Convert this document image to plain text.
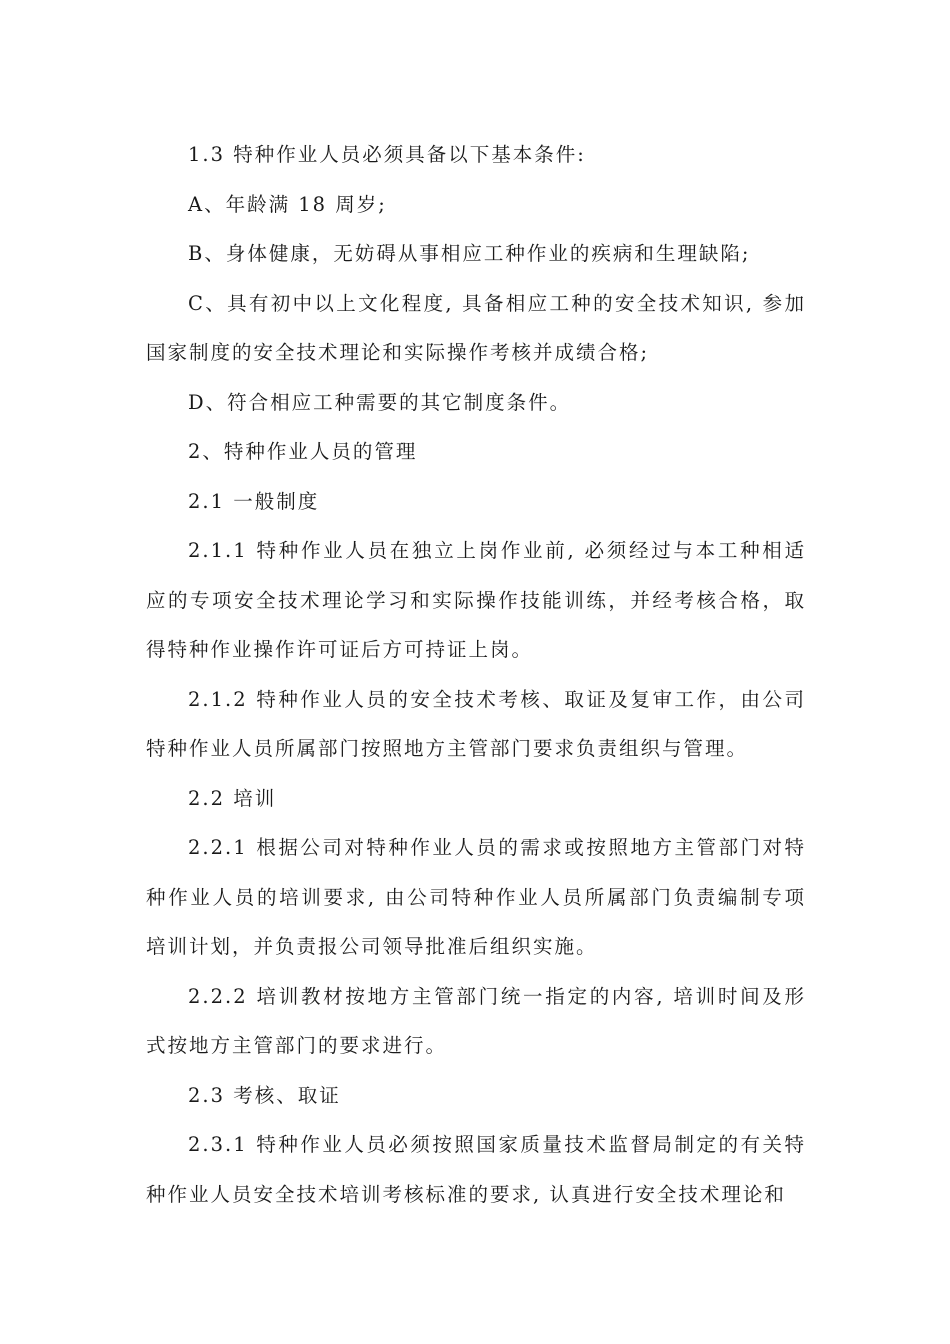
1.3 特种作业人员必须具备以下基本条件:

A、年龄满 18 周岁;

B、身体健康，无妨碍从事相应工种作业的疾病和生理缺陷;

C、具有初中以上文化程度, 具备相应工种的安全技术知识, 参加国家制度的安全技术理论和实际操作考核并成绩合格;

D、符合相应工种需要的其它制度条件。

2、特种作业人员的管理

2.1 一般制度

2.1.1 特种作业人员在独立上岗作业前, 必须经过与本工种相适应的专项安全技术理论学习和实际操作技能训练，并经考核合格，取得特种作业操作许可证后方可持证上岗。

2.1.2 特种作业人员的安全技术考核、取证及复审工作，由公司特种作业人员所属部门按照地方主管部门要求负责组织与管理。

2.2 培训

2.2.1 根据公司对特种作业人员的需求或按照地方主管部门对特种作业人员的培训要求, 由公司特种作业人员所属部门负责编制专项培训计划，并负责报公司领导批准后组织实施。

2.2.2 培训教材按地方主管部门统一指定的内容, 培训时间及形式按地方主管部门的要求进行。

2.3 考核、取证

2.3.1 特种作业人员必须按照国家质量技术监督局制定的有关特种作业人员安全技术培训考核标准的要求, 认真进行安全技术理论和
